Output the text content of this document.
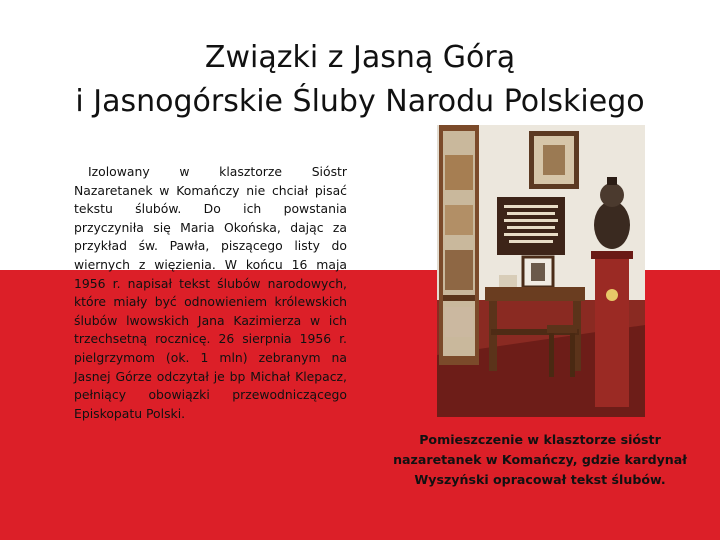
Związki z Jasną Górą
i Jasnogórskie Śluby Narodu Polskiego
Izolowany w klasztorze Sióstr Nazaretanek w Komańczy nie chciał pisać tekstu ślubów. Do ich powstania przyczyniła się Maria Okońska, dając za przykład św. Pawła, piszącego listy do wiernych z więzienia. W końcu 16 maja 1956 r. napisał tekst ślubów narodowych, które miały być odnowieniem królewskich ślubów lwowskich Jana Kazimierza w ich trzechsetną rocznicę. 26 sierpnia 1956 r. pielgrzymom (ok. 1 mln) zebranym na Jasnej Górze odczytał je bp Michał Klepacz, pełniący obowiązki przewodniczącego Episkopatu Polski.
Pomieszczenie w klasztorze sióstr nazaretanek w Komańczy, gdzie kardynał Wyszyński opracował tekst ślubów.
